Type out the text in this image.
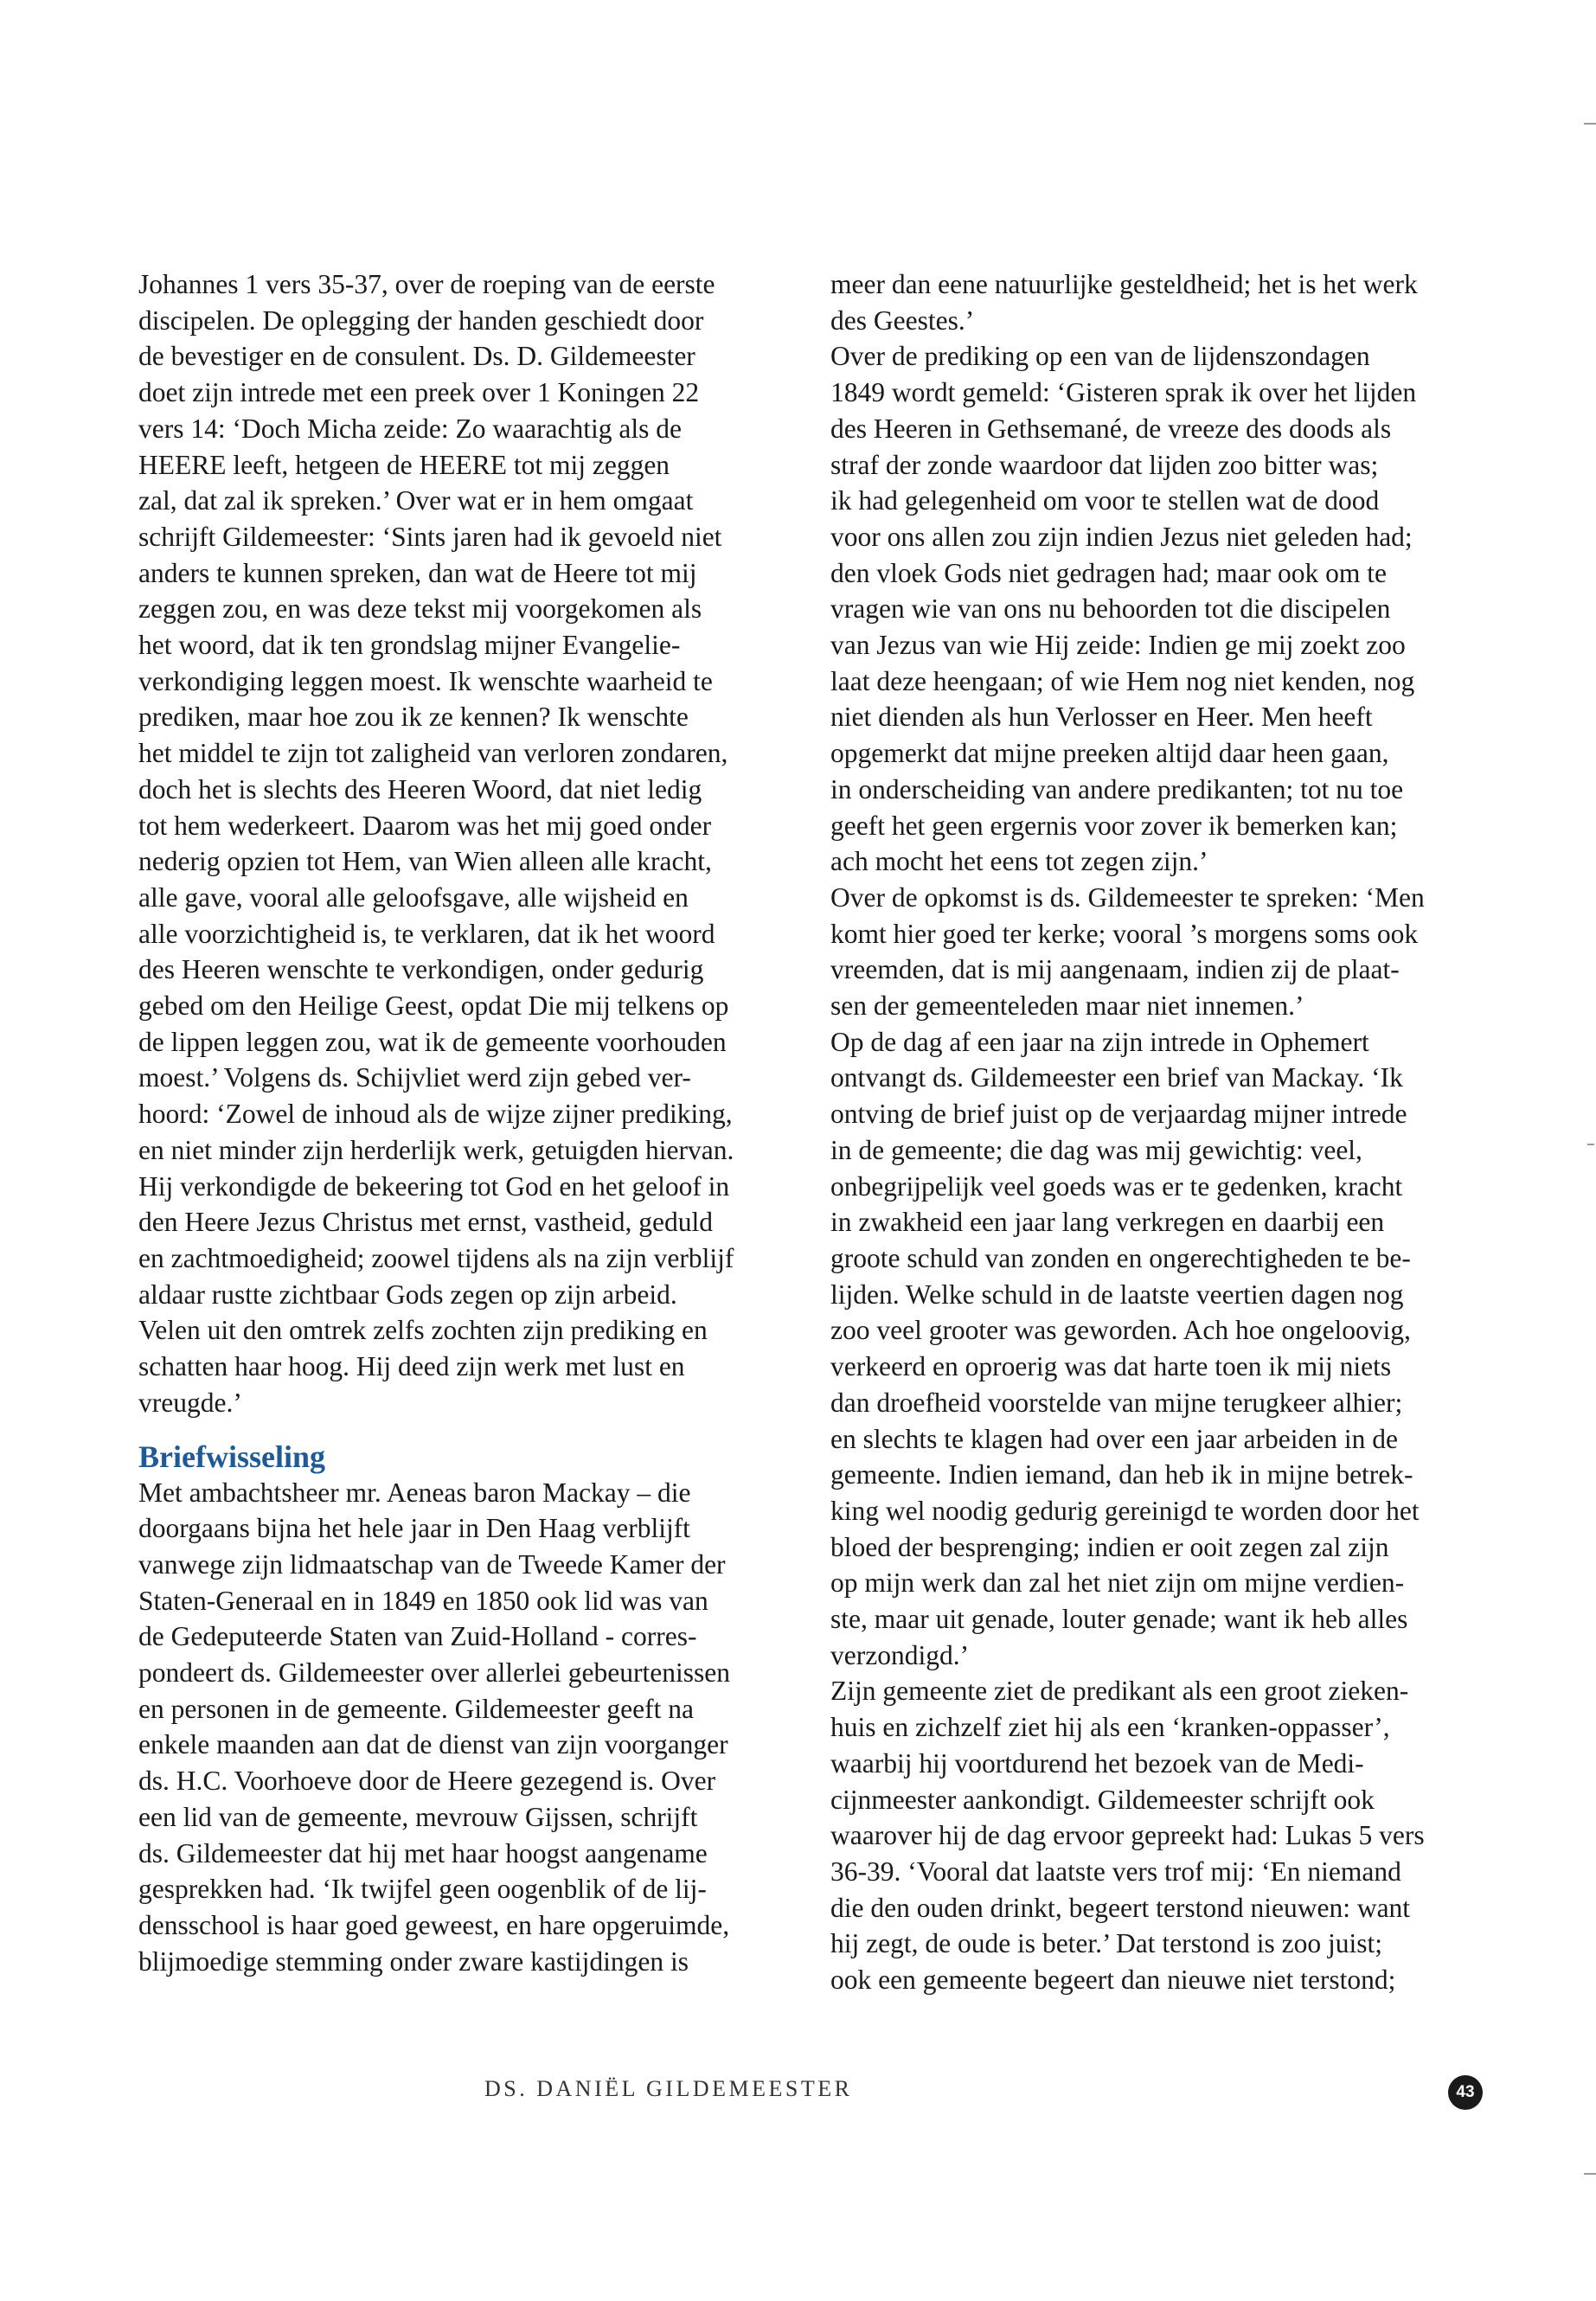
Johannes 1 vers 35-37, over de roeping van de eerste
discipelen. De oplegging der handen geschiedt door
de bevestiger en de consulent. Ds. D. Gildemeester
doet zijn intrede met een preek over 1 Koningen 22
vers 14: ‘Doch Micha zeide: Zo waarachtig als de
HEERE leeft, hetgeen de HEERE tot mij zeggen
zal, dat zal ik spreken.’ Over wat er in hem omgaat
schrijft Gildemeester: ‘Sints jaren had ik gevoeld niet
anders te kunnen spreken, dan wat de Heere tot mij
zeggen zou, en was deze tekst mij voorgekomen als
het woord, dat ik ten grondslag mijner Evangelie-
verkondiging leggen moest. Ik wenschte waarheid te
prediken, maar hoe zou ik ze kennen? Ik wenschte
het middel te zijn tot zaligheid van verloren zondaren,
doch het is slechts des Heeren Woord, dat niet ledig
tot hem wederkeert. Daarom was het mij goed onder
nederig opzien tot Hem, van Wien alleen alle kracht,
alle gave, vooral alle geloofsgave, alle wijsheid en
alle voorzichtigheid is, te verklaren, dat ik het woord
des Heeren wenschte te verkondigen, onder gedurig
gebed om den Heilige Geest, opdat Die mij telkens op
de lippen leggen zou, wat ik de gemeente voorhouden
moest.’ Volgens ds. Schijvliet werd zijn gebed ver-
hoord: ‘Zowel de inhoud als de wijze zijner prediking,
en niet minder zijn herderlijk werk, getuigden hiervan.
Hij verkondigde de bekeering tot God en het geloof in
den Heere Jezus Christus met ernst, vastheid, geduld
en zachtmoedigheid; zoowel tijdens als na zijn verblijf
aldaar rustte zichtbaar Gods zegen op zijn arbeid.
Velen uit den omtrek zelfs zochten zijn prediking en
schatten haar hoog. Hij deed zijn werk met lust en
vreugde.’
Briefwisseling
Met ambachtsheer mr. Aeneas baron Mackay – die
doorgaans bijna het hele jaar in Den Haag verblijft
vanwege zijn lidmaatschap van de Tweede Kamer der
Staten-Generaal en in 1849 en 1850 ook lid was van
de Gedeputeerde Staten van Zuid-Holland - corres-
pondeert ds. Gildemeester over allerlei gebeurtenissen
en personen in de gemeente. Gildemeester geeft na
enkele maanden aan dat de dienst van zijn voorganger
ds. H.C. Voorhoeve door de Heere gezegend is. Over
een lid van de gemeente, mevrouw Gijssen, schrijft
ds. Gildemeester dat hij met haar hoogst aangename
gesprekken had. ‘Ik twijfel geen oogenblik of de lij-
densschool is haar goed geweest, en hare opgeruimde,
blijmoedige stemming onder zware kastijdingen is
meer dan eene natuurlijke gesteldheid; het is het werk
des Geestes.’
Over de prediking op een van de lijdenszondagen
1849 wordt gemeld: ‘Gisteren sprak ik over het lijden
des Heeren in Gethsemané, de vreeze des doods als
straf der zonde waardoor dat lijden zoo bitter was;
ik had gelegenheid om voor te stellen wat de dood
voor ons allen zou zijn indien Jezus niet geleden had;
den vloek Gods niet gedragen had; maar ook om te
vragen wie van ons nu behoorden tot die discipelen
van Jezus van wie Hij zeide: Indien ge mij zoekt zoo
laat deze heengaan; of wie Hem nog niet kenden, nog
niet dienden als hun Verlosser en Heer. Men heeft
opgemerkt dat mijne preeken altijd daar heen gaan,
in onderscheiding van andere predikanten; tot nu toe
geeft het geen ergernis voor zover ik bemerken kan;
ach mocht het eens tot zegen zijn.’
Over de opkomst is ds. Gildemeester te spreken: ‘Men
komt hier goed ter kerke; vooral ’s morgens soms ook
vreemden, dat is mij aangenaam, indien zij de plaat-
sen der gemeenteleden maar niet innemen.’
Op de dag af een jaar na zijn intrede in Ophemert
ontvangt ds. Gildemeester een brief van Mackay. ‘Ik
ontving de brief juist op de verjaardag mijner intrede
in de gemeente; die dag was mij gewichtig: veel,
onbegrijpelijk veel goeds was er te gedenken, kracht
in zwakheid een jaar lang verkregen en daarbij een
groote schuld van zonden en ongerechtigheden te be-
lijden. Welke schuld in de laatste veertien dagen nog
zoo veel grooter was geworden. Ach hoe ongeloovig,
verkeerd en oproerig was dat harte toen ik mij niets
dan droefheid voorstelde van mijne terugkeer alhier;
en slechts te klagen had over een jaar arbeiden in de
gemeente. Indien iemand, dan heb ik in mijne betrek-
king wel noodig gedurig gereinigd te worden door het
bloed der besprenging; indien er ooit zegen zal zijn
op mijn werk dan zal het niet zijn om mijne verdien-
ste, maar uit genade, louter genade; want ik heb alles
verzondigd.’
Zijn gemeente ziet de predikant als een groot zieken-
huis en zichzelf ziet hij als een ‘kranken-oppasser’,
waarbij hij voortdurend het bezoek van de Medi-
cijnmeester aankondigt. Gildemeester schrijft ook
waarover hij de dag ervoor gepreekt had: Lukas 5 vers
36-39. ‘Vooral dat laatste vers trof mij: ‘En niemand
die den ouden drinkt, begeert terstond nieuwen: want
hij zegt, de oude is beter.’ Dat terstond is zoo juist;
ook een gemeente begeert dan nieuwe niet terstond;
DS. DANIËL GILDEMEESTER	43
